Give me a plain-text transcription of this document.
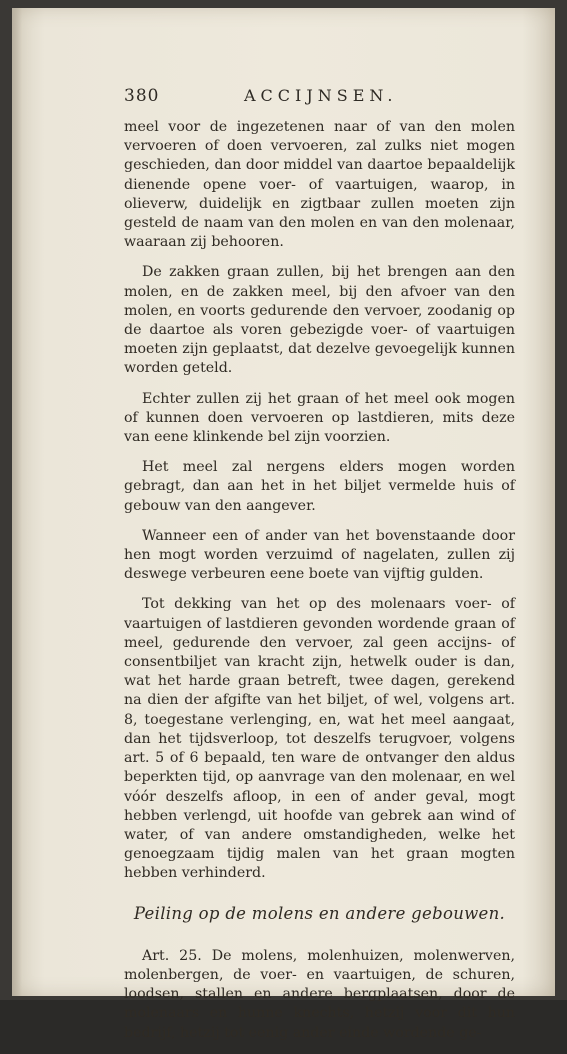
380	ACCIJNSEN.

meel voor de ingezetenen naar of van den molen vervoeren of doen vervoeren, zal zulks niet mogen geschieden, dan door middel van daartoe bepaaldelijk dienende opene voer- of vaartuigen, waarop, in olieverw, duidelijk en zigtbaar zullen moeten zijn gesteld de naam van den molen en van den molenaar, waaraan zij behooren.

De zakken graan zullen, bij het brengen aan den molen, en de zakken meel, bij den afvoer van den molen, en voorts gedurende den vervoer, zoodanig op de daartoe als voren gebezigde voer- of vaartuigen moeten zijn geplaatst, dat dezelve gevoegelijk kunnen worden geteld.

Echter zullen zij het graan of het meel ook mogen of kunnen doen vervoeren op lastdieren, mits deze van eene klinkende bel zijn voorzien.

Het meel zal nergens elders mogen worden gebragt, dan aan het in het biljet vermelde huis of gebouw van den aangever.

Wanneer een of ander van het bovenstaande door hen mogt worden verzuimd of nagelaten, zullen zij deswege verbeuren eene boete van vijftig gulden.

Tot dekking van het op des molenaars voer- of vaartuigen of lastdieren gevonden wordende graan of meel, gedurende den vervoer, zal geen accijns- of consentbiljet van kracht zijn, hetwelk ouder is dan, wat het harde graan betreft, twee dagen, gerekend na dien der afgifte van het biljet, of wel, volgens art. 8, toegestane verlenging, en, wat het meel aangaat, dan het tijdsverloop, tot deszelfs terugvoer, volgens art. 5 of 6 bepaald, ten ware de ontvanger den aldus beperkten tijd, op aanvrage van den molenaar, en wel vóór deszelfs afloop, in een of ander geval, mogt hebben verlengd, uit hoofde van gebrek aan wind of water, of van andere omstandigheden, welke het genoegzaam tijdig malen van het graan mogten hebben verhinderd.

Peiling op de molens en andere gebouwen.

Art. 25. De molens, molenhuizen, molenwerven, molenbergen, de voer- en vaartuigen, de schuren, loodsen, stallen en andere bergplaatsen, door de molenaars en hunne knechts, hetzij voor dit hun bedrijf, hetzij tot eenig ander einde wordende ge-
